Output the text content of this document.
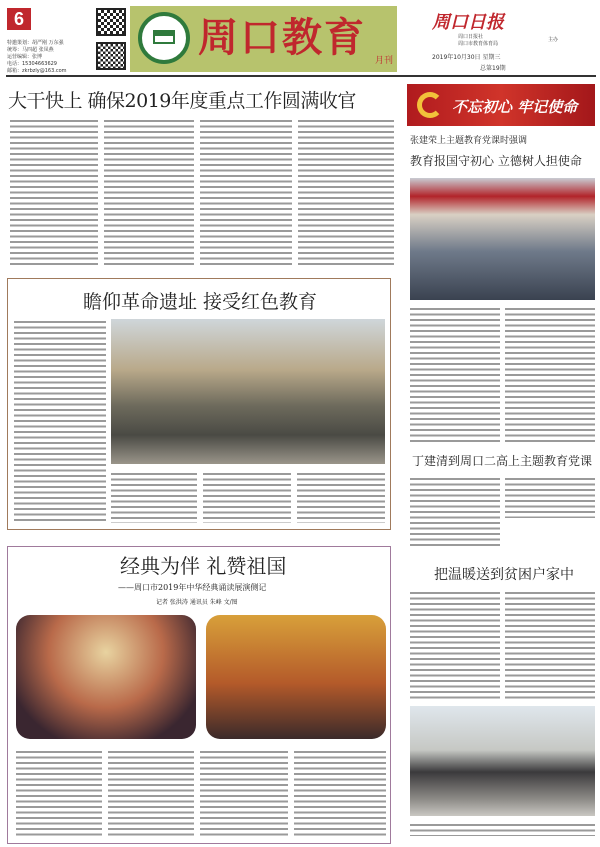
6
特邀策划：胡严刚 万东强
统筹：马四超 张凤燕
运营编辑：张博
电话：15304663629
邮箱：zkrbzly@163.com
周口教育 月刊
周口日报
周口日报社
周口市教育体育局
主办
2019年10月30日 星期三
总第19期
大干快上 确保2019年度重点工作圆满收官
瞻仰革命遗址 接受红色教育
经典为伴 礼赞祖国
——周口市2019年中华经典诵读展演侧记
记者 张洪涛 通讯员 朱峰 文/图
不忘初心 牢记使命
张建荣上主题教育党课时强调
教育报国守初心 立德树人担使命
丁建清到周口二高上主题教育党课
把温暖送到贫困户家中
